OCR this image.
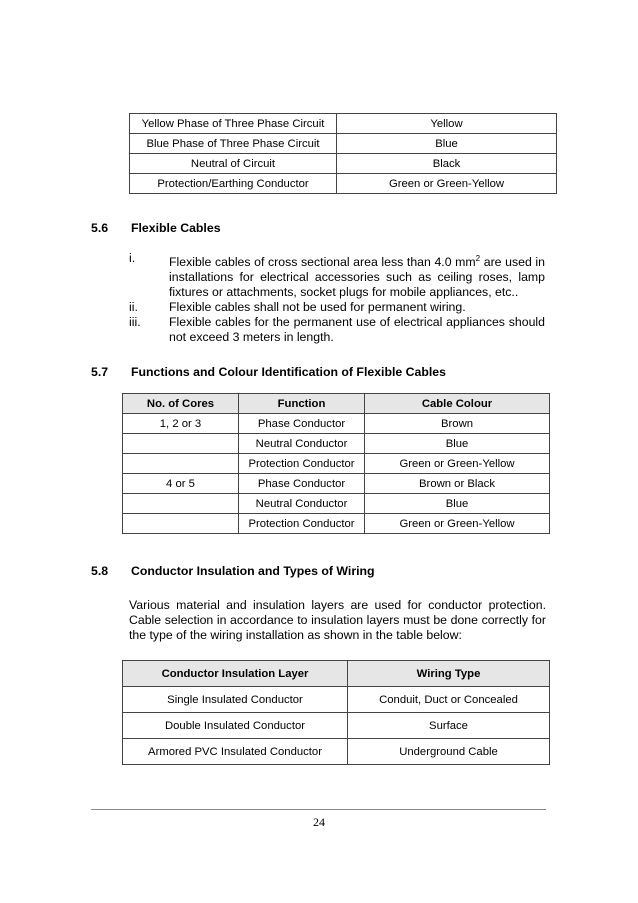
Yellow Phase of Three Phase Circuit	Yellow
Blue Phase of Three Phase Circuit	Blue
Neutral of Circuit	Black
Protection/Earthing Conductor	Green or Green-Yellow
5.6 Flexible Cables
i.	Flexible cables of cross sectional area less than 4.0 $mm^2$ are used in installations for electrical accessories such as ceiling roses, lamp fixtures or attachments, socket plugs for mobile appliances, etc..
ii.	Flexible cables shall not be used for permanent wiring.
iii. Flexible cables for the permanent use of electrical appliances should not exceed 3 meters in length.
5.7 Functions and Colour Identification of Flexible Cables
No. of Cores	Function	Cable Colour
1, 2 or 3	Phase Conductor	Brown
	Neutral Conductor	Blue
	Protection Conductor	Green or Green-Yellow
4 or 5	Phase Conductor	Brown or Black
	Neutral Conductor	Blue
	Protection Conductor	Green or Green-Yellow
5.8 Conductor Insulation and Types of Wiring
Various material and insulation layers are used for conductor protection. Cable selection in accordance to insulation layers must be done correctly for the type of the wiring installation as shown in the table below:
Conductor Insulation Layer	Wiring Type
Single Insulated Conductor	Conduit, Duct or Concealed
Double Insulated Conductor	Surface
Armored PVC Insulated Conductor	Underground Cable
24
